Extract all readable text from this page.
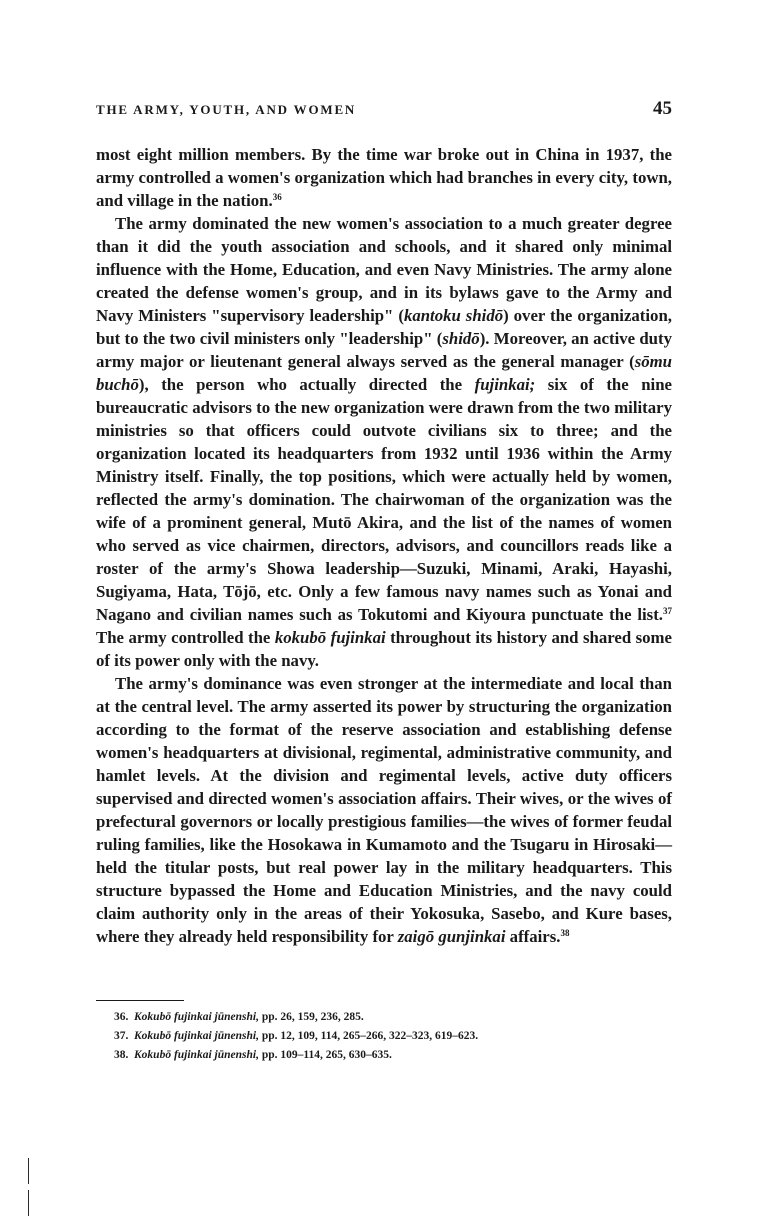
THE ARMY, YOUTH, AND WOMEN	45

most eight million members. By the time war broke out in China in 1937, the army controlled a women's organization which had branches in every city, town, and village in the nation.$^{36}$

The army dominated the new women's association to a much greater degree than it did the youth association and schools, and it shared only minimal influence with the Home, Education, and even Navy Ministries. The army alone created the defense women's group, and in its bylaws gave to the Army and Navy Ministers "supervisory leadership" (kantoku shidō) over the organization, but to the two civil ministers only "leadership" (shidō). Moreover, an active duty army major or lieutenant general always served as the general manager (sōmu buchō), the person who actually directed the fujinkai; six of the nine bureaucratic advisors to the new organization were drawn from the two military ministries so that officers could outvote civilians six to three; and the organization located its headquarters from 1932 until 1936 within the Army Ministry itself. Finally, the top positions, which were actually held by women, reflected the army's domination. The chairwoman of the organization was the wife of a prominent general, Mutō Akira, and the list of the names of women who served as vice chairmen, directors, advisors, and councillors reads like a roster of the army's Showa leadership—Suzuki, Minami, Araki, Hayashi, Sugiyama, Hata, Tōjō, etc. Only a few famous navy names such as Yonai and Nagano and civilian names such as Tokutomi and Kiyoura punctuate the list.$^{37}$ The army controlled the kokubō fujinkai throughout its history and shared some of its power only with the navy.

The army's dominance was even stronger at the intermediate and local than at the central level. The army asserted its power by structuring the organization according to the format of the reserve association and establishing defense women's headquarters at divisional, regimental, administrative community, and hamlet levels. At the division and regimental levels, active duty officers supervised and directed women's association affairs. Their wives, or the wives of prefectural governors or locally prestigious families—the wives of former feudal ruling families, like the Hosokawa in Kumamoto and the Tsugaru in Hirosaki—held the titular posts, but real power lay in the military headquarters. This structure bypassed the Home and Education Ministries, and the navy could claim authority only in the areas of their Yokosuka, Sasebo, and Kure bases, where they already held responsibility for zaigō gunjinkai affairs.$^{38}$

36. Kokubō fujinkai jūnenshi, pp. 26, 159, 236, 285.
37. Kokubō fujinkai jūnenshi, pp. 12, 109, 114, 265–266, 322–323, 619–623.
38. Kokubō fujinkai jūnenshi, pp. 109–114, 265, 630–635.
